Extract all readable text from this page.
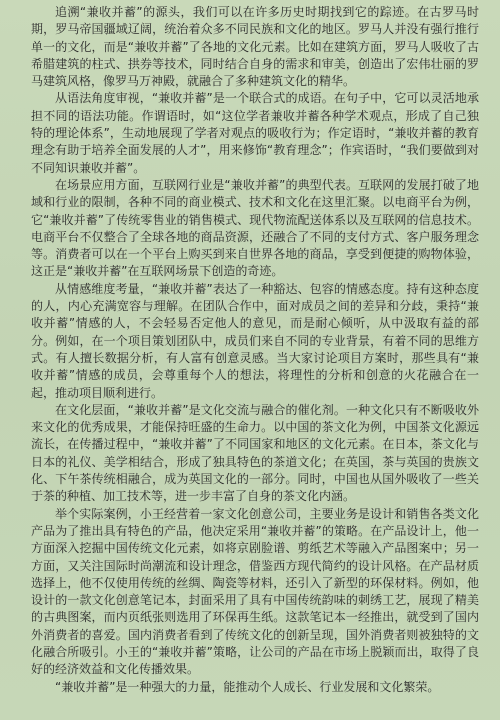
追溯“兼收并蓄”的源头，我们可以在许多历史时期找到它的踪迹。在古罗马时期，罗马帝国疆域辽阔，统治着众多不同民族和文化的地区。罗马人并没有强行推行单一的文化，而是“兼收并蓄”了各地的文化元素。比如在建筑方面，罗马人吸收了古希腊建筑的柱式、拱券等技术，同时结合自身的需求和审美，创造出了宏伟壮丽的罗马建筑风格，像罗马万神殿，就融合了多种建筑文化的精华。

从语法角度审视，“兼收并蓄”是一个联合式的成语。在句子中，它可以灵活地承担不同的语法功能。作谓语时，如“这位学者兼收并蓄各种学术观点，形成了自己独特的理论体系”，生动地展现了学者对观点的吸收行为；作定语时，“兼收并蓄的教育理念有助于培养全面发展的人才”，用来修饰“教育理念”；作宾语时，“我们要做到对不同知识兼收并蓄”。

在场景应用方面，互联网行业是“兼收并蓄”的典型代表。互联网的发展打破了地域和行业的限制，各种不同的商业模式、技术和文化在这里汇聚。以电商平台为例，它“兼收并蓄”了传统零售业的销售模式、现代物流配送体系以及互联网的信息技术。电商平台不仅整合了全球各地的商品资源，还融合了不同的支付方式、客户服务理念等。消费者可以在一个平台上购买到来自世界各地的商品，享受到便捷的购物体验，这正是“兼收并蓄”在互联网场景下创造的奇迹。

从情感维度考量，“兼收并蓄”表达了一种豁达、包容的情感态度。持有这种态度的人，内心充满宽容与理解。在团队合作中，面对成员之间的差异和分歧，秉持“兼收并蓄”情感的人，不会轻易否定他人的意见，而是耐心倾听，从中汲取有益的部分。例如，在一个项目策划团队中，成员们来自不同的专业背景，有着不同的思维方式。有人擅长数据分析，有人富有创意灵感。当大家讨论项目方案时，那些具有“兼收并蓄”情感的成员，会尊重每个人的想法，将理性的分析和创意的火花融合在一起，推动项目顺利进行。

在文化层面，“兼收并蓄”是文化交流与融合的催化剂。一种文化只有不断吸收外来文化的优秀成果，才能保持旺盛的生命力。以中国的茶文化为例，中国茶文化源远流长，在传播过程中，“兼收并蓄”了不同国家和地区的文化元素。在日本，茶文化与日本的礼仪、美学相结合，形成了独具特色的茶道文化；在英国，茶与英国的贵族文化、下午茶传统相融合，成为英国文化的一部分。同时，中国也从国外吸收了一些关于茶的种植、加工技术等，进一步丰富了自身的茶文化内涵。

举个实际案例，小王经营着一家文化创意公司，主要业务是设计和销售各类文化产品为了推出具有特色的产品，他决定采用“兼收并蓄”的策略。在产品设计上，他一方面深入挖掘中国传统文化元素，如将京剧脸谱、剪纸艺术等融入产品图案中；另一方面，又关注国际时尚潮流和设计理念，借鉴西方现代简约的设计风格。在产品材质选择上，他不仅使用传统的丝绸、陶瓷等材料，还引入了新型的环保材料。例如，他设计的一款文化创意笔记本，封面采用了具有中国传统韵味的刺绣工艺，展现了精美的古典图案，而内页纸张则选用了环保再生纸。这款笔记本一经推出，就受到了国内外消费者的喜爱。国内消费者看到了传统文化的创新呈现，国外消费者则被独特的文化融合所吸引。小王的“兼收并蓄”策略，让公司的产品在市场上脱颖而出，取得了良好的经济效益和文化传播效果。

“兼收并蓄”是一种强大的力量，能推动个人成长、行业发展和文化繁荣。
